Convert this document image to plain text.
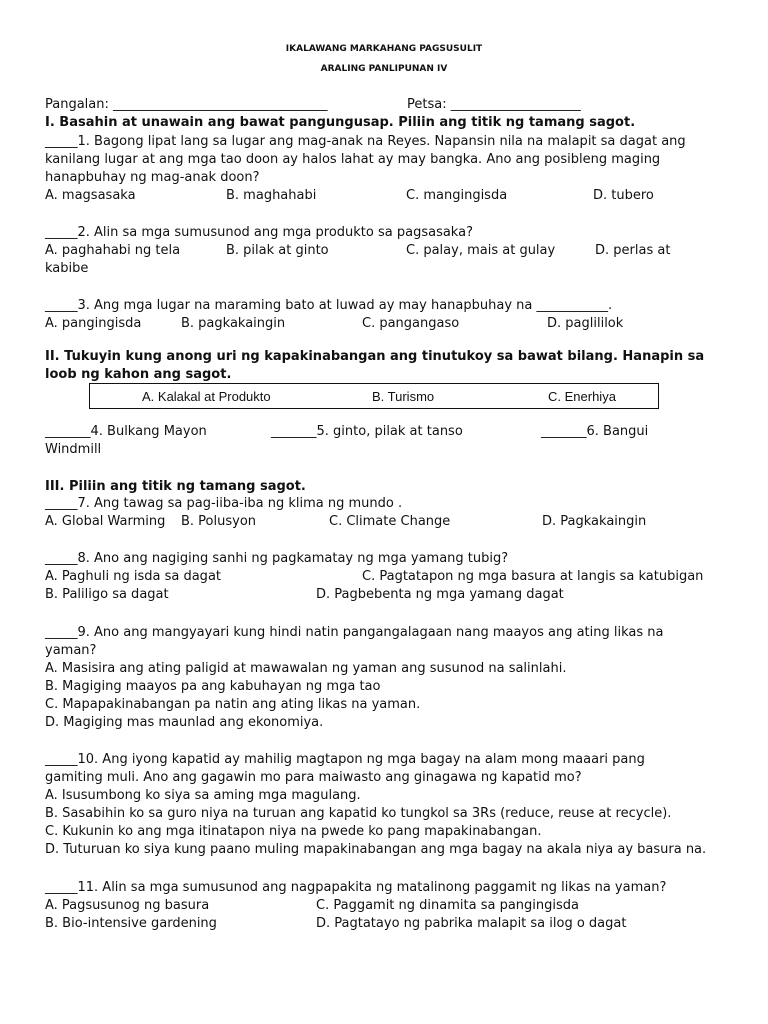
IKALAWANG MARKAHANG PAGSUSULIT
ARALING PANLIPUNAN IV
Pangalan: _________________________________	Petsa: ____________________
I. Basahin at unawain ang bawat pangungusap. Piliin ang titik ng tamang sagot.
_____1. Bagong lipat lang sa lugar ang mag-anak na Reyes. Napansin nila na malapit sa dagat ang
kanilang lugar at ang mga tao doon ay halos lahat ay may bangka. Ano ang posibleng maging
hanapbuhay ng mag-anak doon?
A. magsasaka	B. maghahabi	C. mangingisda	D. tubero
_____2. Alin sa mga sumusunod ang mga produkto sa pagsasaka?
A. paghahabi ng tela	B. pilak at ginto	C. palay, mais at gulay	D. perlas at
kabibe
_____3. Ang mga lugar na maraming bato at luwad ay may hanapbuhay na ___________.
A. pangingisda	B. pagkakaingin	C. pangangaso	D. paglililok
II. Tukuyin kung anong uri ng kapakinabangan ang tinutukoy sa bawat bilang. Hanapin sa
loob ng kahon ang sagot.
A. Kalakal at Produkto	B. Turismo	C. Enerhiya
_______4. Bulkang Mayon	_______5. ginto, pilak at tanso	_______6. Bangui
Windmill
III. Piliin ang titik ng tamang sagot.
_____7. Ang tawag sa pag-iiba-iba ng klima ng mundo .
A. Global Warming B. Polusyon	C. Climate Change	D. Pagkakaingin
_____8. Ano ang nagiging sanhi ng pagkamatay ng mga yamang tubig?
A. Paghuli ng isda sa dagat	C. Pagtatapon ng mga basura at langis sa katubigan
B. Paliligo sa dagat	D. Pagbebenta ng mga yamang dagat
_____9. Ano ang mangyayari kung hindi natin pangangalagaan nang maayos ang ating likas na
yaman?
A. Masisira ang ating paligid at mawawalan ng yaman ang susunod na salinlahi.
B. Magiging maayos pa ang kabuhayan ng mga tao
C. Mapapakinabangan pa natin ang ating likas na yaman.
D. Magiging mas maunlad ang ekonomiya.
_____10. Ang iyong kapatid ay mahilig magtapon ng mga bagay na alam mong maaari pang
gamiting muli. Ano ang gagawin mo para maiwasto ang ginagawa ng kapatid mo?
A. Isusumbong ko siya sa aming mga magulang.
B. Sasabihin ko sa guro niya na turuan ang kapatid ko tungkol sa 3Rs (reduce, reuse at recycle).
C. Kukunin ko ang mga itinatapon niya na pwede ko pang mapakinabangan.
D. Tuturuan ko siya kung paano muling mapakinabangan ang mga bagay na akala niya ay basura na.
_____11. Alin sa mga sumusunod ang nagpapakita ng matalinong paggamit ng likas na yaman?
A. Pagsusunog ng basura	C. Paggamit ng dinamita sa pangingisda
B. Bio-intensive gardening	D. Pagtatayo ng pabrika malapit sa ilog o dagat
